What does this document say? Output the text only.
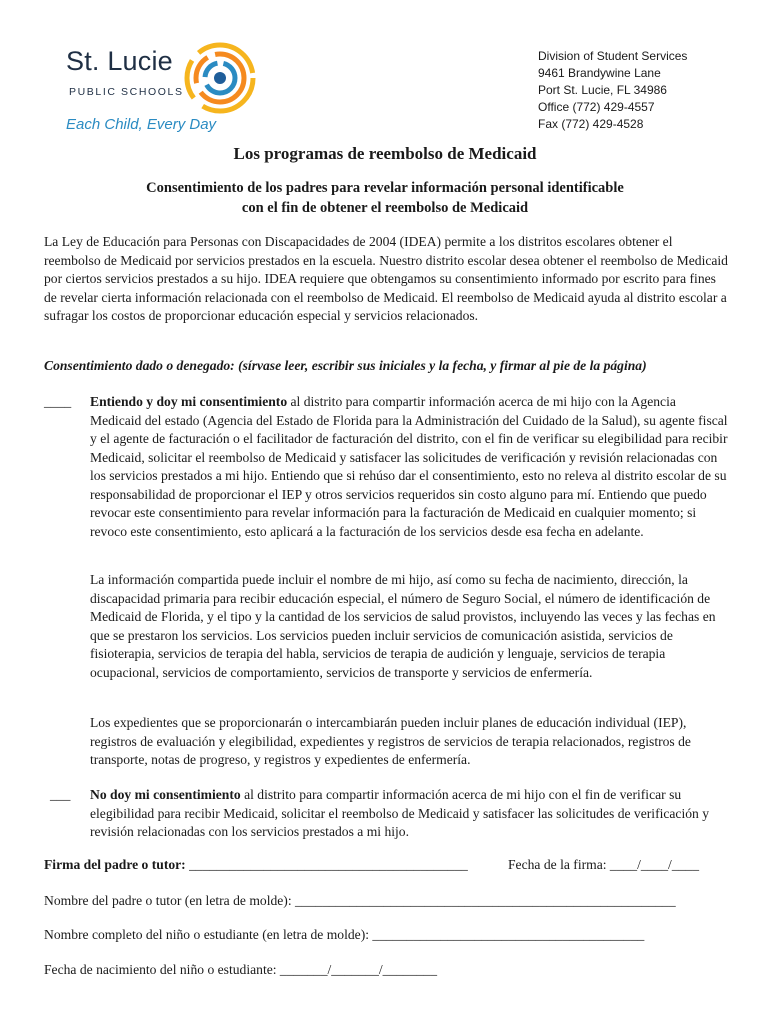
St. Lucie
PUBLIC SCHOOLS
Each Child, Every Day
Division of Student Services
9461 Brandywine Lane
Port St. Lucie, FL 34986
Office (772) 429-4557
Fax (772) 429-4528
Los programas de reembolso de Medicaid
Consentimiento de los padres para revelar información personal identificable
con el fin de obtener el reembolso de Medicaid
La Ley de Educación para Personas con Discapacidades de 2004 (IDEA) permite a los distritos escolares obtener el reembolso de Medicaid por servicios prestados en la escuela. Nuestro distrito escolar desea obtener el reembolso de Medicaid por ciertos servicios prestados a su hijo. IDEA requiere que obtengamos su consentimiento informado por escrito para fines de revelar cierta información relacionada con el reembolso de Medicaid. El reembolso de Medicaid ayuda al distrito escolar a sufragar los costos de proporcionar educación especial y servicios relacionados.
Consentimiento dado o denegado: (sírvase leer, escribir sus iniciales y la fecha, y firmar al pie de la página)
____ Entiendo y doy mi consentimiento al distrito para compartir información acerca de mi hijo con la Agencia Medicaid del estado (Agencia del Estado de Florida para la Administración del Cuidado de la Salud), su agente fiscal y el agente de facturación o el facilitador de facturación del distrito, con el fin de verificar su elegibilidad para recibir Medicaid, solicitar el reembolso de Medicaid y satisfacer las solicitudes de verificación y revisión relacionadas con los servicios prestados a mi hijo. Entiendo que si rehúso dar el consentimiento, esto no releva al distrito escolar de su responsabilidad de proporcionar el IEP y otros servicios requeridos sin costo alguno para mí. Entiendo que puedo revocar este consentimiento para revelar información para la facturación de Medicaid en cualquier momento; si revoco este consentimiento, esto aplicará a la facturación de los servicios desde esa fecha en adelante.
La información compartida puede incluir el nombre de mi hijo, así como su fecha de nacimiento, dirección, la discapacidad primaria para recibir educación especial, el número de Seguro Social, el número de identificación de Medicaid de Florida, y el tipo y la cantidad de los servicios de salud provistos, incluyendo las veces y las fechas en que se prestaron los servicios. Los servicios pueden incluir servicios de comunicación asistida, servicios de fisioterapia, servicios de terapia del habla, servicios de terapia de audición y lenguaje, servicios de terapia ocupacional, servicios de comportamiento, servicios de transporte y servicios de enfermería.
Los expedientes que se proporcionarán o intercambiarán pueden incluir planes de educación individual (IEP), registros de evaluación y elegibilidad, expedientes y registros de servicios de terapia relacionados, registros de transporte, notas de progreso, y registros y expedientes de enfermería.
___ No doy mi consentimiento al distrito para compartir información acerca de mi hijo con el fin de verificar su elegibilidad para recibir Medicaid, solicitar el reembolso de Medicaid y satisfacer las solicitudes de verificación y revisión relacionadas con los servicios prestados a mi hijo.
Firma del padre o tutor: _________________________________________	Fecha de la firma: ____/____/____
Nombre del padre o tutor (en letra de molde): ________________________________________________________
Nombre completo del niño o estudiante (en letra de molde): ________________________________________
Fecha de nacimiento del niño o estudiante: _______/_______/________
